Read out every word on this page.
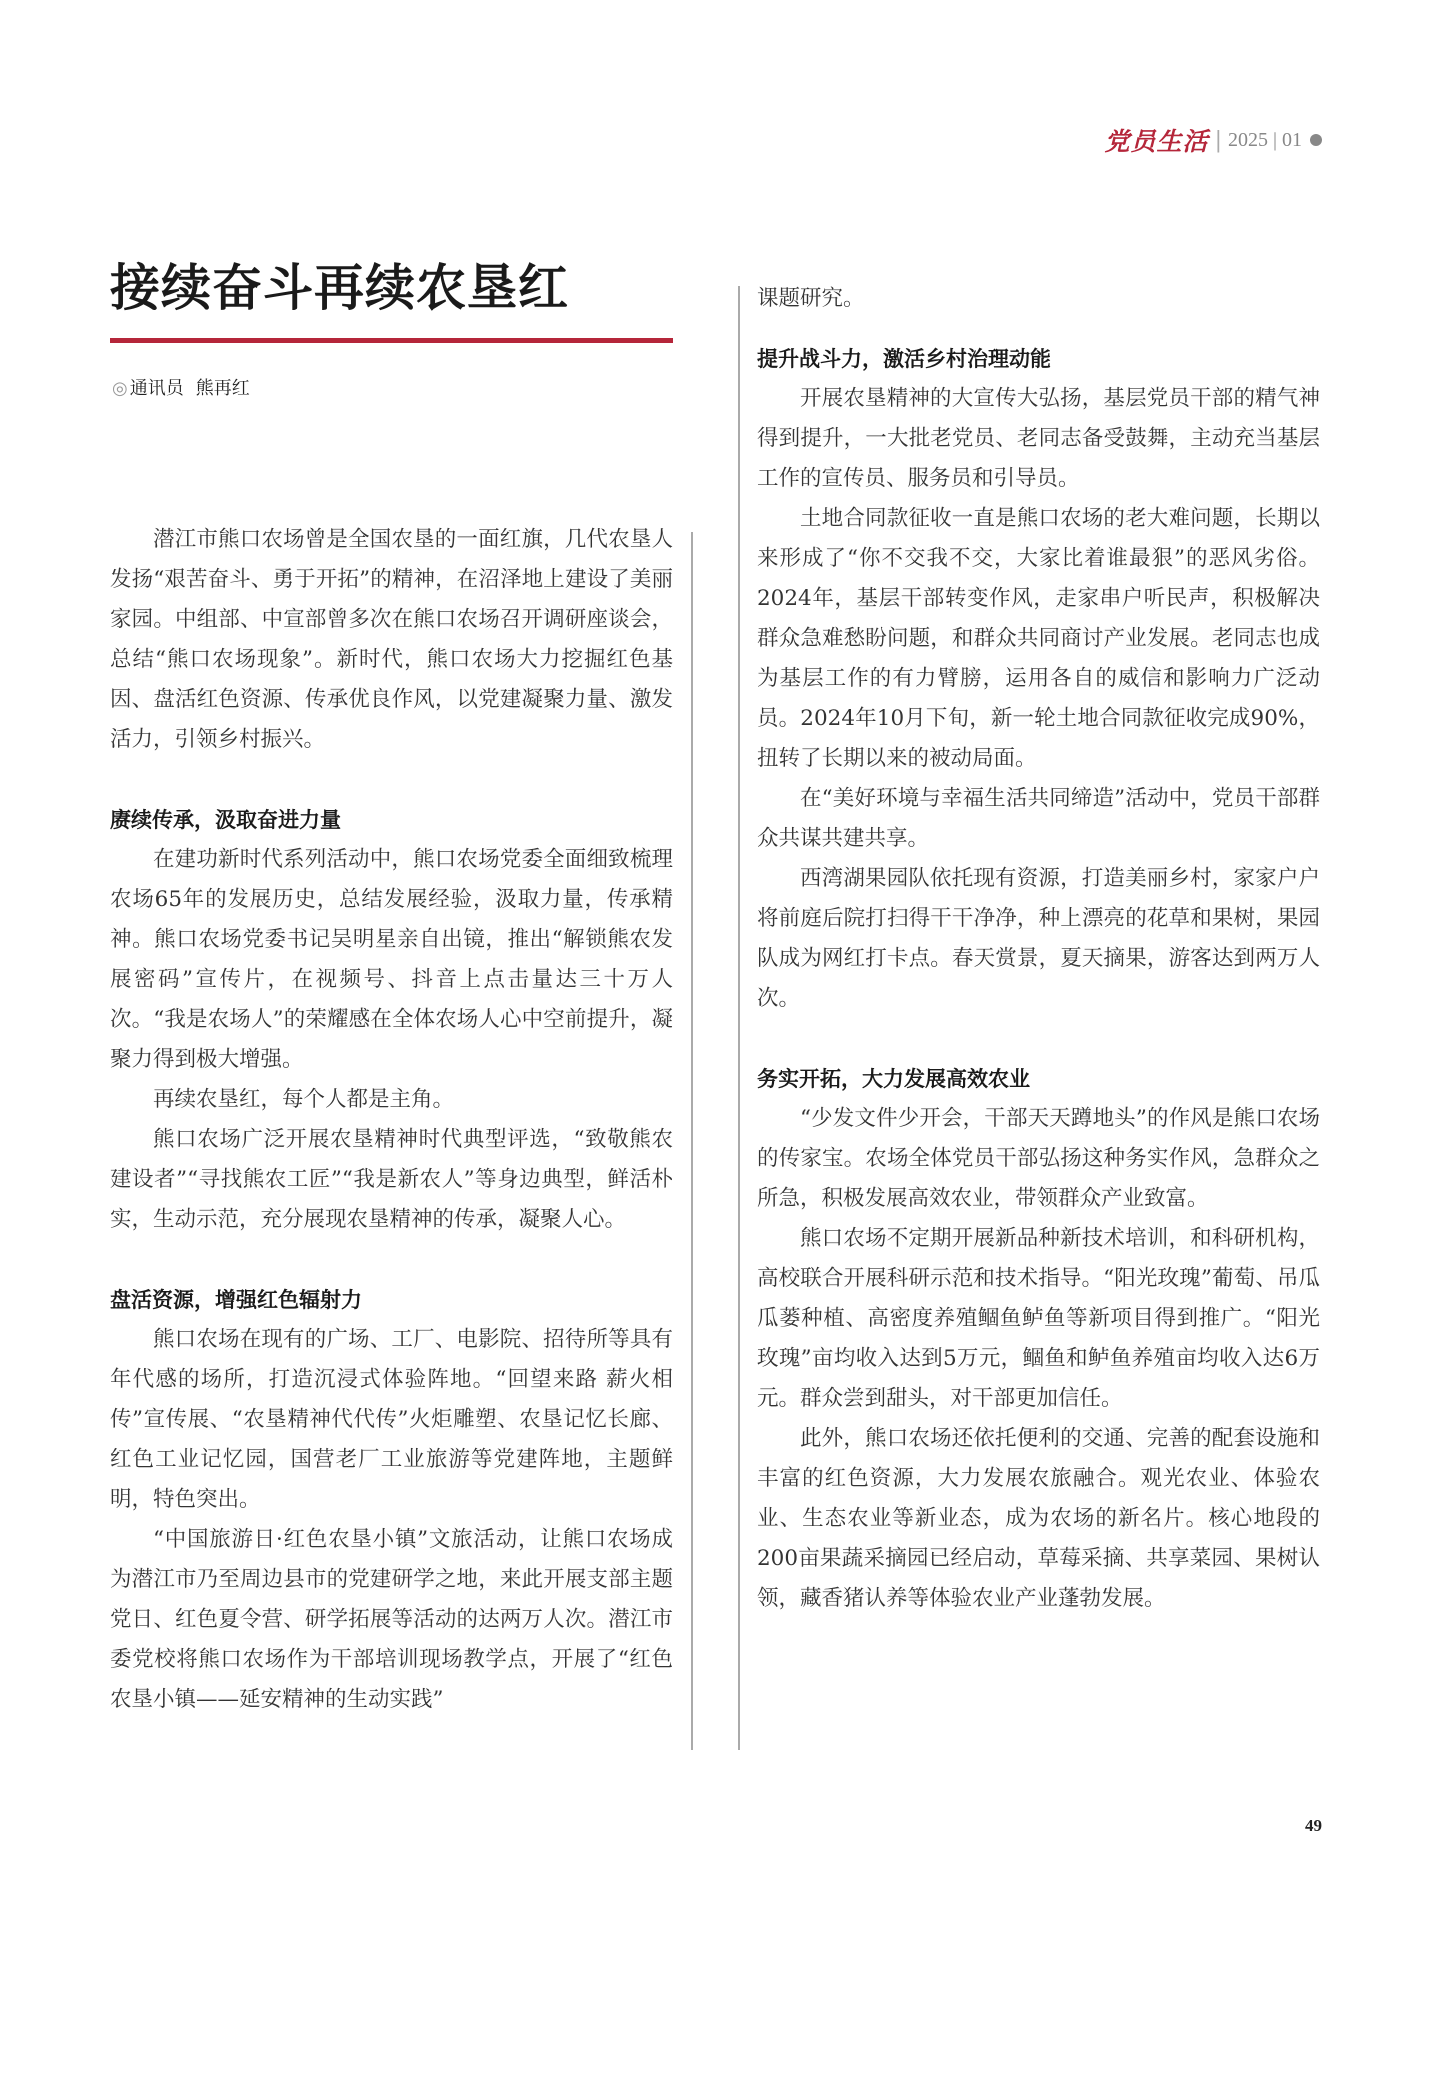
党员生活 | 2025 | 01
接续奋斗再续农垦红
◎ 通讯员 熊再红

潜江市熊口农场曾是全国农垦的一面红旗，几代农垦人发扬“艰苦奋斗、勇于开拓”的精神，在沼泽地上建设了美丽家园。中组部、中宣部曾多次在熊口农场召开调研座谈会，总结“熊口农场现象”。新时代，熊口农场大力挖掘红色基因、盘活红色资源、传承优良作风，以党建凝聚力量、激发活力，引领乡村振兴。

赓续传承，汲取奋进力量

在建功新时代系列活动中，熊口农场党委全面细致梳理农场65年的发展历史，总结发展经验，汲取力量，传承精神。熊口农场党委书记吴明星亲自出镜，推出“解锁熊农发展密码”宣传片，在视频号、抖音上点击量达三十万人次。“我是农场人”的荣耀感在全体农场人心中空前提升，凝聚力得到极大增强。

再续农垦红，每个人都是主角。

熊口农场广泛开展农垦精神时代典型评选，“致敬熊农建设者”“寻找熊农工匠”“我是新农人”等身边典型，鲜活朴实，生动示范，充分展现农垦精神的传承，凝聚人心。

盘活资源，增强红色辐射力

熊口农场在现有的广场、工厂、电影院、招待所等具有年代感的场所，打造沉浸式体验阵地。“回望来路 薪火相传”宣传展、“农垦精神代代传”火炬雕塑、农垦记忆长廊、红色工业记忆园，国营老厂工业旅游等党建阵地，主题鲜明，特色突出。

“中国旅游日·红色农垦小镇”文旅活动，让熊口农场成为潜江市乃至周边县市的党建研学之地，来此开展支部主题党日、红色夏令营、研学拓展等活动的达两万人次。潜江市委党校将熊口农场作为干部培训现场教学点，开展了“红色农垦小镇——延安精神的生动实践”

课题研究。

提升战斗力，激活乡村治理动能

开展农垦精神的大宣传大弘扬，基层党员干部的精气神得到提升，一大批老党员、老同志备受鼓舞，主动充当基层工作的宣传员、服务员和引导员。

土地合同款征收一直是熊口农场的老大难问题，长期以来形成了“你不交我不交，大家比着谁最狠”的恶风劣俗。2024年，基层干部转变作风，走家串户听民声，积极解决群众急难愁盼问题，和群众共同商讨产业发展。老同志也成为基层工作的有力臂膀，运用各自的威信和影响力广泛动员。2024年10月下旬，新一轮土地合同款征收完成90%，扭转了长期以来的被动局面。

在“美好环境与幸福生活共同缔造”活动中，党员干部群众共谋共建共享。

西湾湖果园队依托现有资源，打造美丽乡村，家家户户将前庭后院打扫得干干净净，种上漂亮的花草和果树，果园队成为网红打卡点。春天赏景，夏天摘果，游客达到两万人次。

务实开拓，大力发展高效农业

“少发文件少开会，干部天天蹲地头”的作风是熊口农场的传家宝。农场全体党员干部弘扬这种务实作风，急群众之所急，积极发展高效农业，带领群众产业致富。

熊口农场不定期开展新品种新技术培训，和科研机构，高校联合开展科研示范和技术指导。“阳光玫瑰”葡萄、吊瓜瓜蒌种植、高密度养殖鲴鱼鲈鱼等新项目得到推广。“阳光玫瑰”亩均收入达到5万元，鲴鱼和鲈鱼养殖亩均收入达6万元。群众尝到甜头，对干部更加信任。

此外，熊口农场还依托便利的交通、完善的配套设施和丰富的红色资源，大力发展农旅融合。观光农业、体验农业、生态农业等新业态，成为农场的新名片。核心地段的200亩果蔬采摘园已经启动，草莓采摘、共享菜园、果树认领，藏香猪认养等体验农业产业蓬勃发展。

49
